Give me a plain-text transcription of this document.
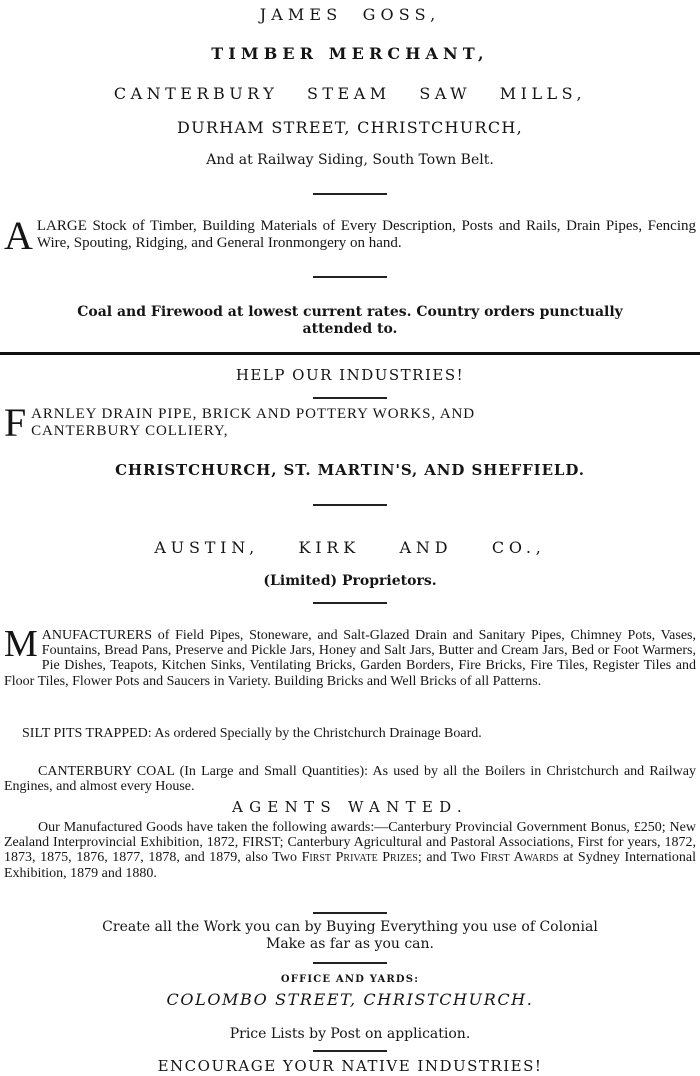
JAMES GOSS,
TIMBER MERCHANT,
CANTERBURY STEAM SAW MILLS,
DURHAM STREET, CHRISTCHURCH,
And at Railway Siding, South Town Belt.
ALARGE Stock of Timber, Building Materials of Every Description, Posts and Rails, Drain Pipes, Fencing Wire, Spouting, Ridging, and General Ironmongery on hand.
Coal and Firewood at lowest current rates. Country orders punctually
attended to.
HELP OUR INDUSTRIES!
F ARNLEY DRAIN PIPE, BRICK AND POTTERY WORKS, AND
CANTERBURY COLLIERY,
CHRISTCHURCH, ST. MARTIN'S, AND SHEFFIELD.
AUSTIN, KIRK AND CO.,
(Limited) Proprietors.
MANUFACTURERS of Field Pipes, Stoneware, and Salt-Glazed Drain and Sanitary Pipes, Chimney Pots, Vases, Fountains, Bread Pans, Preserve and Pickle Jars, Honey and Salt Jars, Butter and Cream Jars, Bed or Foot Warmers, Pie Dishes, Teapots, Kitchen Sinks, Ventilating Bricks, Garden Borders, Fire Bricks, Fire Tiles, Register Tiles and Floor Tiles, Flower Pots and Saucers in Variety. Building Bricks and Well Bricks of all Patterns.
SILT PITS TRAPPED: As ordered Specially by the Christchurch Drainage Board.
CANTERBURY COAL (In Large and Small Quantities): As used by all the Boilers in Christchurch and Railway Engines, and almost every House.
AGENTS WANTED.
Our Manufactured Goods have taken the following awards:—Canterbury Provincial Government Bonus, £250; New Zealand Interprovincial Exhibition, 1872, FIRST; Canterbury Agricultural and Pastoral Associations, First for years, 1872, 1873, 1875, 1876, 1877, 1878, and 1879, also Two First Private Prizes; and Two First Awards at Sydney International Exhibition, 1879 and 1880.
Create all the Work you can by Buying Everything you use of Colonial
Make as far as you can.
OFFICE AND YARDS:
COLOMBO STREET, CHRISTCHURCH.
Price Lists by Post on application.
ENCOURAGE YOUR NATIVE INDUSTRIES!
